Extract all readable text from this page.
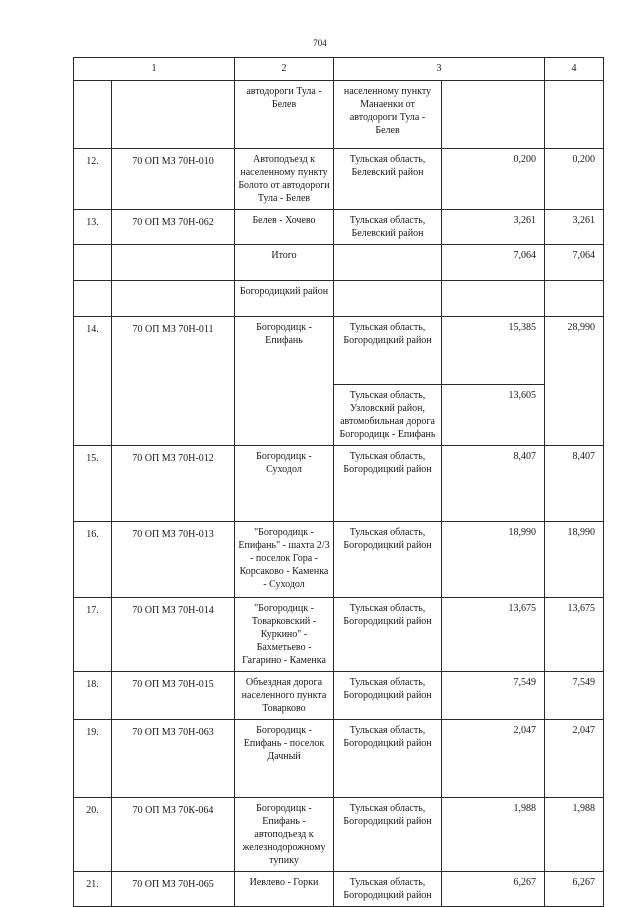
704
1		2	3		4
		автодороги Тула - Белев	населенному пункту Манаенки от автодороги Тула - Белев		
12.	70 ОП МЗ 70Н-010	Автоподъезд к населенному пункту Болото от автодороги Тула - Белев	Тульская область, Белевский район	0,200	0,200
13.	70 ОП МЗ 70Н-062	Белев - Хочево	Тульская область, Белевский район	3,261	3,261
		Итого		7,064	7,064
		Богородицкий район			
14.	70 ОП МЗ 70Н-011	Богородицк - Епифань	Тульская область, Богородицкий район	15,385	28,990
			Тульская область, Узловский район, автомобильная дорога Богородицк - Епифань	13,605	
15.	70 ОП МЗ 70Н-012	Богородицк - Суходол	Тульская область, Богородицкий район	8,407	8,407
16.	70 ОП МЗ 70Н-013	"Богородицк - Епифань" - шахта 2/3 - поселок Гора - Корсаково - Каменка - Суходол	Тульская область, Богородицкий район	18,990	18,990
17.	70 ОП МЗ 70Н-014	"Богородицк - Товарковский - Куркино" - Бахметьево - Гагарино - Каменка	Тульская область, Богородицкий район	13,675	13,675
18.	70 ОП МЗ 70Н-015	Объездная дорога населенного пункта Товарково	Тульская область, Богородицкий район	7,549	7,549
19.	70 ОП МЗ 70Н-063	Богородицк - Епифань - поселок Дачный	Тульская область, Богородицкий район	2,047	2,047
20.	70 ОП МЗ 70К-064	Богородицк - Епифань - автоподъезд к железнодорожному тупику	Тульская область, Богородицкий район	1,988	1,988
21.	70 ОП МЗ 70Н-065	Иевлево - Горки	Тульская область, Богородицкий район	6,267	6,267
